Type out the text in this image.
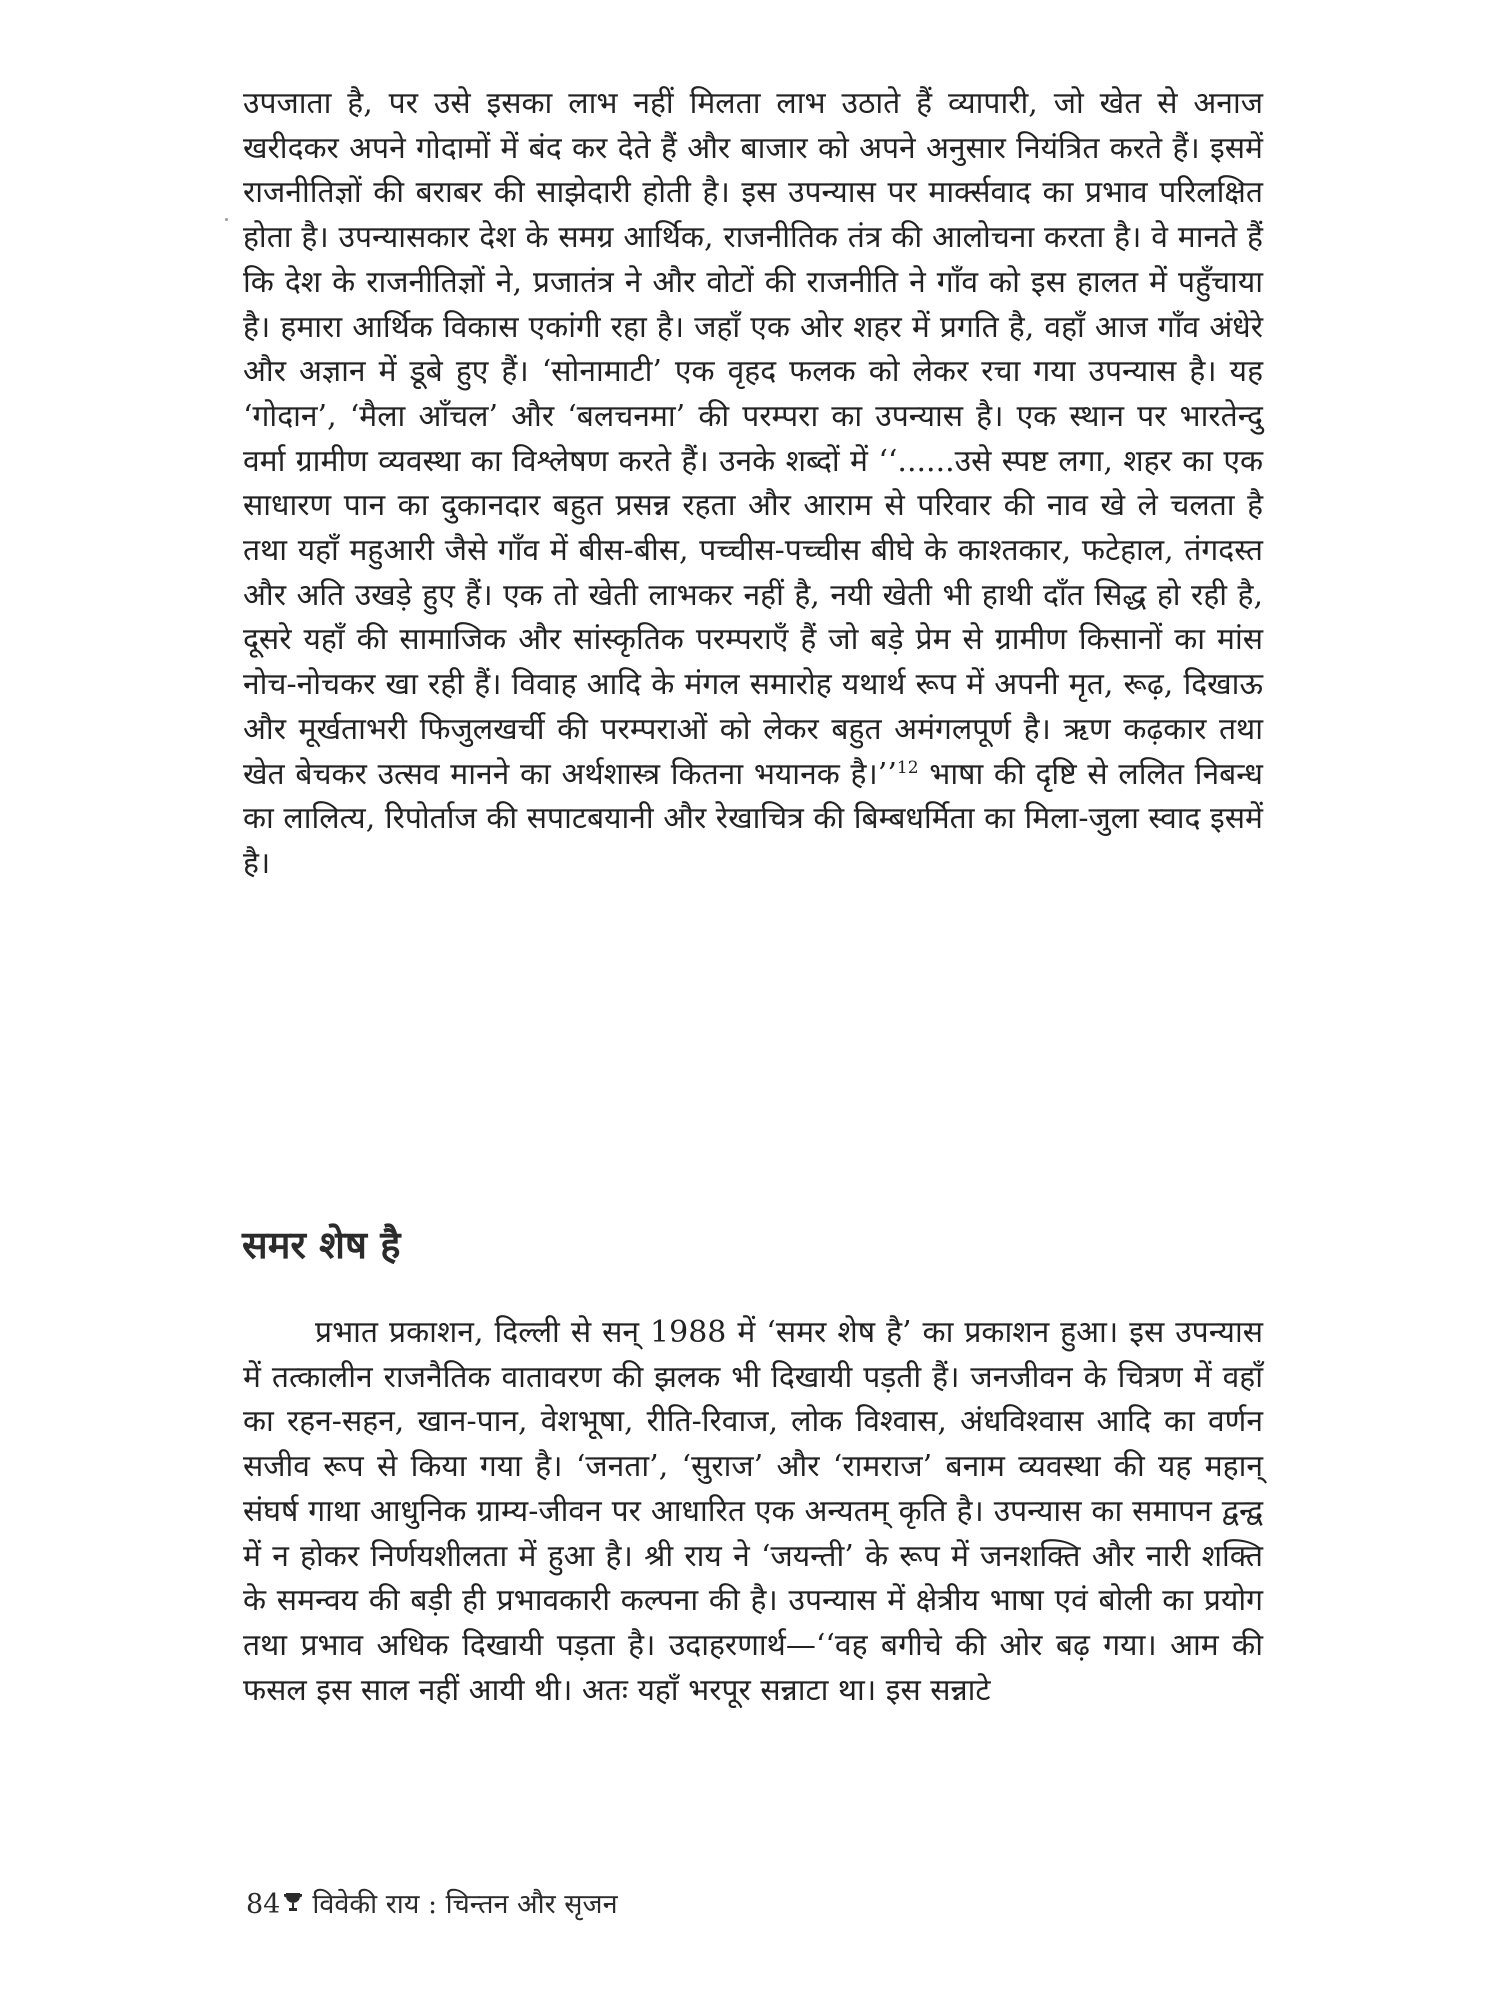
उपजाता है, पर उसे इसका लाभ नहीं मिलता लाभ उठाते हैं व्यापारी, जो खेत से अनाज खरीदकर अपने गोदामों में बंद कर देते हैं और बाजार को अपने अनुसार नियंत्रित करते हैं। इसमें राजनीतिज्ञों की बराबर की साझेदारी होती है। इस उपन्यास पर मार्क्सवाद का प्रभाव परिलक्षित होता है। उपन्यासकार देश के समग्र आर्थिक, राजनीतिक तंत्र की आलोचना करता है। वे मानते हैं कि देश के राजनीतिज्ञों ने, प्रजातंत्र ने और वोटों की राजनीति ने गाँव को इस हालत में पहुँचाया है। हमारा आर्थिक विकास एकांगी रहा है। जहाँ एक ओर शहर में प्रगति है, वहाँ आज गाँव अंधेरे और अज्ञान में डूबे हुए हैं। ‘सोनामाटी’ एक वृहद फलक को लेकर रचा गया उपन्यास है। यह ‘गोदान’, ‘मैला आँचल’ और ‘बलचनमा’ की परम्परा का उपन्यास है। एक स्थान पर भारतेन्दु वर्मा ग्रामीण व्यवस्था का विश्लेषण करते हैं। उनके शब्दों में ‘‘......उसे स्पष्ट लगा, शहर का एक साधारण पान का दुकानदार बहुत प्रसन्न रहता और आराम से परिवार की नाव खे ले चलता है तथा यहाँ महुआरी जैसे गाँव में बीस-बीस, पच्चीस-पच्चीस बीघे के काश्तकार, फटेहाल, तंगदस्त और अति उखड़े हुए हैं। एक तो खेती लाभकर नहीं है, नयी खेती भी हाथी दाँत सिद्ध हो रही है, दूसरे यहाँ की सामाजिक और सांस्कृतिक परम्पराएँ हैं जो बड़े प्रेम से ग्रामीण किसानों का मांस नोच-नोचकर खा रही हैं। विवाह आदि के मंगल समारोह यथार्थ रूप में अपनी मृत, रूढ़, दिखाऊ और मूर्खताभरी फिजुलखर्ची की परम्पराओं को लेकर बहुत अमंगलपूर्ण है। ऋण कढ़कार तथा खेत बेचकर उत्सव मानने का अर्थशास्त्र कितना भयानक है।’’$^{12}$ भाषा की दृष्टि से ललित निबन्ध का लालित्य, रिपोर्ताज की सपाटबयानी और रेखाचित्र की बिम्बधर्मिता का मिला-जुला स्वाद इसमें है।

समर शेष है

प्रभात प्रकाशन, दिल्ली से सन् 1988 में ‘समर शेष है’ का प्रकाशन हुआ। इस उपन्यास में तत्कालीन राजनैतिक वातावरण की झलक भी दिखायी पड़ती हैं। जनजीवन के चित्रण में वहाँ का रहन-सहन, खान-पान, वेशभूषा, रीति-रिवाज, लोक विश्वास, अंधविश्वास आदि का वर्णन सजीव रूप से किया गया है। ‘जनता’, ‘सुराज’ और ‘रामराज’ बनाम व्यवस्था की यह महान् संघर्ष गाथा आधुनिक ग्राम्य-जीवन पर आधारित एक अन्यतम् कृति है। उपन्यास का समापन द्वन्द्व में न होकर निर्णयशीलता में हुआ है। श्री राय ने ‘जयन्ती’ के रूप में जनशक्ति और नारी शक्ति के समन्वय की बड़ी ही प्रभावकारी कल्पना की है। उपन्यास में क्षेत्रीय भाषा एवं बोली का प्रयोग तथा प्रभाव अधिक दिखायी पड़ता है। उदाहरणार्थ—‘‘वह बगीचे की ओर बढ़ गया। आम की फसल इस साल नहीं आयी थी। अतः यहाँ भरपूर सन्नाटा था। इस सन्नाटे

84 विवेकी राय : चिन्तन और सृजन
